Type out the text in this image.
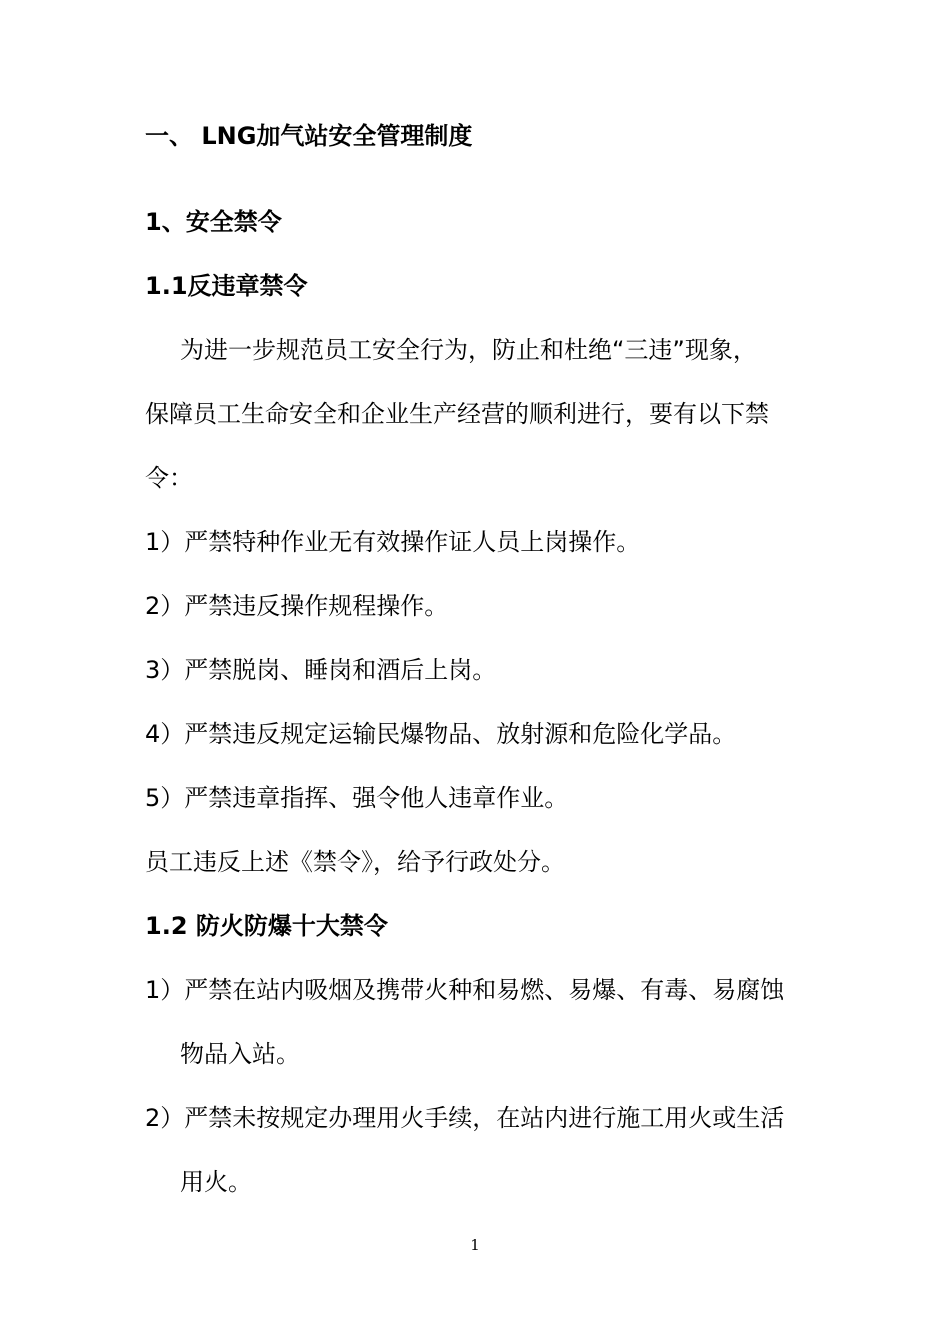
一、 LNG加气站安全管理制度
1、安全禁令
1.1反违章禁令
为进一步规范员工安全行为，防止和杜绝“三违”现象，
保障员工生命安全和企业生产经营的顺利进行，要有以下禁
令：
1）严禁特种作业无有效操作证人员上岗操作。
2）严禁违反操作规程操作。
3）严禁脱岗、睡岗和酒后上岗。
4）严禁违反规定运输民爆物品、放射源和危险化学品。
5）严禁违章指挥、强令他人违章作业。
员工违反上述《禁令》，给予行政处分。
1.2 防火防爆十大禁令
1）严禁在站内吸烟及携带火种和易燃、易爆、有毒、易腐蚀
物品入站。
2）严禁未按规定办理用火手续，在站内进行施工用火或生活
用火。
1
